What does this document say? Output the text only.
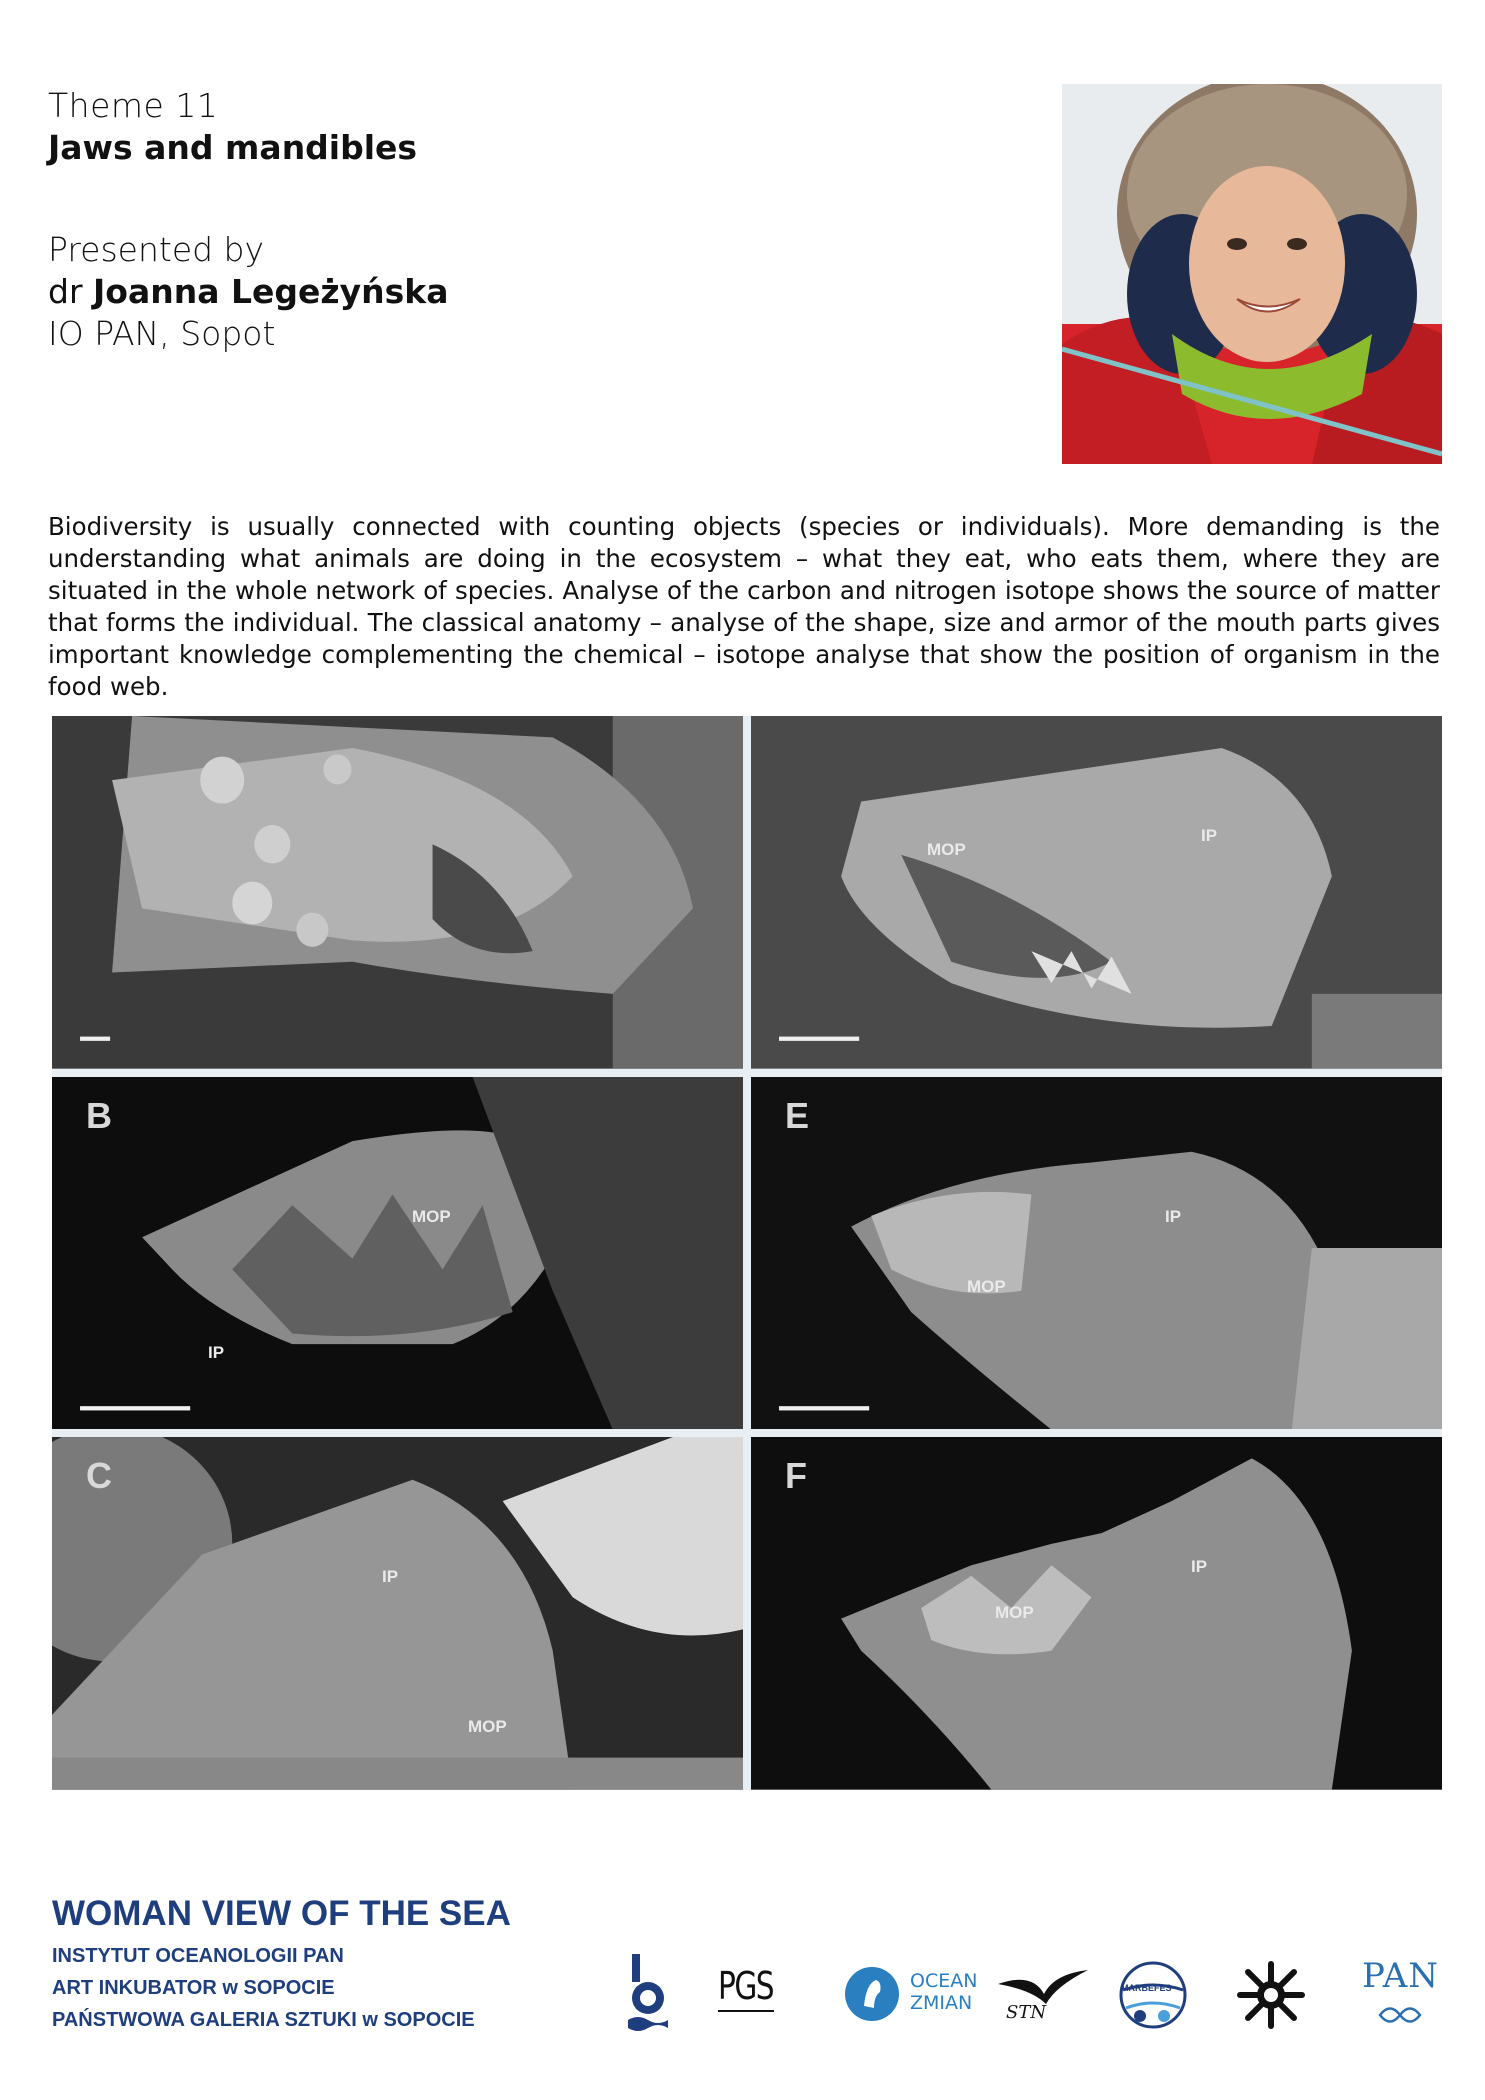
Theme 11
Jaws and mandibles
Presented by
dr Joanna Legeżyńska
IO PAN, Sopot
Biodiversity is usually connected with counting objects (species or individuals). More demanding is the understanding what animals are doing in the ecosystem – what they eat, who eats them, where they are situated in the whole network of species. Analyse of the carbon and nitrogen isotope shows the source of matter that forms the individual. The classical anatomy – analyse of the shape, size and armor of the mouth parts gives important knowledge complementing the chemical – isotope analyse that show the position of organism in the food web.
MOP
IP
B
MOP
IP
E
IP
MOP
C
IP
MOP
F
MOP
IP
WOMAN VIEW OF THE SEA
INSTYTUT OCEANOLOGII PAN
ART INKUBATOR w SOPOCIE
PAŃSTWOWA GALERIA SZTUKI w SOPOCIE
PGS	OCEAN
ZMIAN STN
MARBEFES	PAN
